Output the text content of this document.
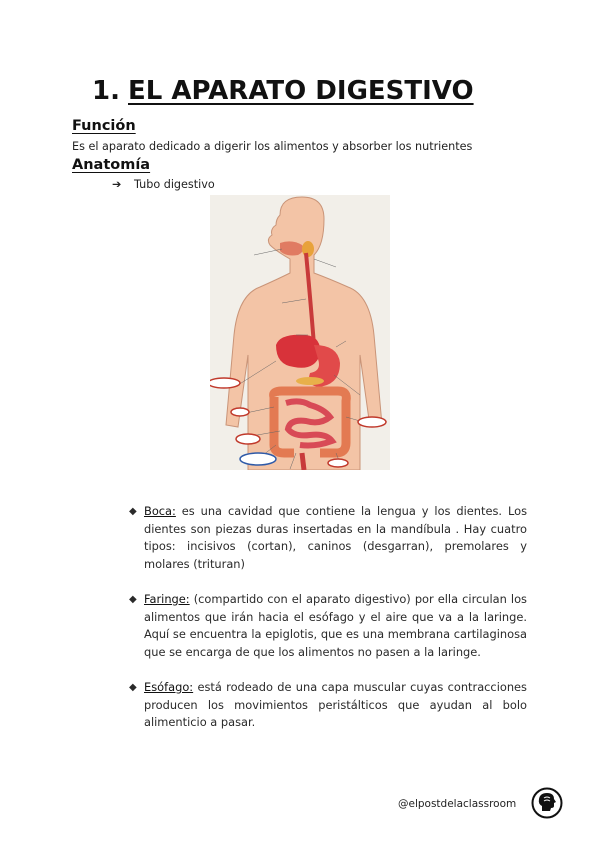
1. EL APARATO DIGESTIVO
Función
Es el aparato dedicado a digerir los alimentos y absorber los nutrientes
Anatomía
➔ Tubo digestivo
◆ Boca: es una cavidad que contiene la lengua y los dientes. Los dientes son piezas duras insertadas en la mandíbula . Hay cuatro tipos: incisivos (cortan), caninos (desgarran), premolares y molares (trituran)
◆ Faringe: (compartido con el aparato digestivo) por ella circulan los alimentos que irán hacia el esófago y el aire que va a la laringe. Aquí se encuentra la epiglotis, que es una membrana cartilaginosa que se encarga de que los alimentos no pasen a la laringe.
◆ Esófago: está rodeado de una capa muscular cuyas contracciones producen los movimientos peristálticos que ayudan al bolo alimenticio a pasar.
@elpostdelaclassroom
